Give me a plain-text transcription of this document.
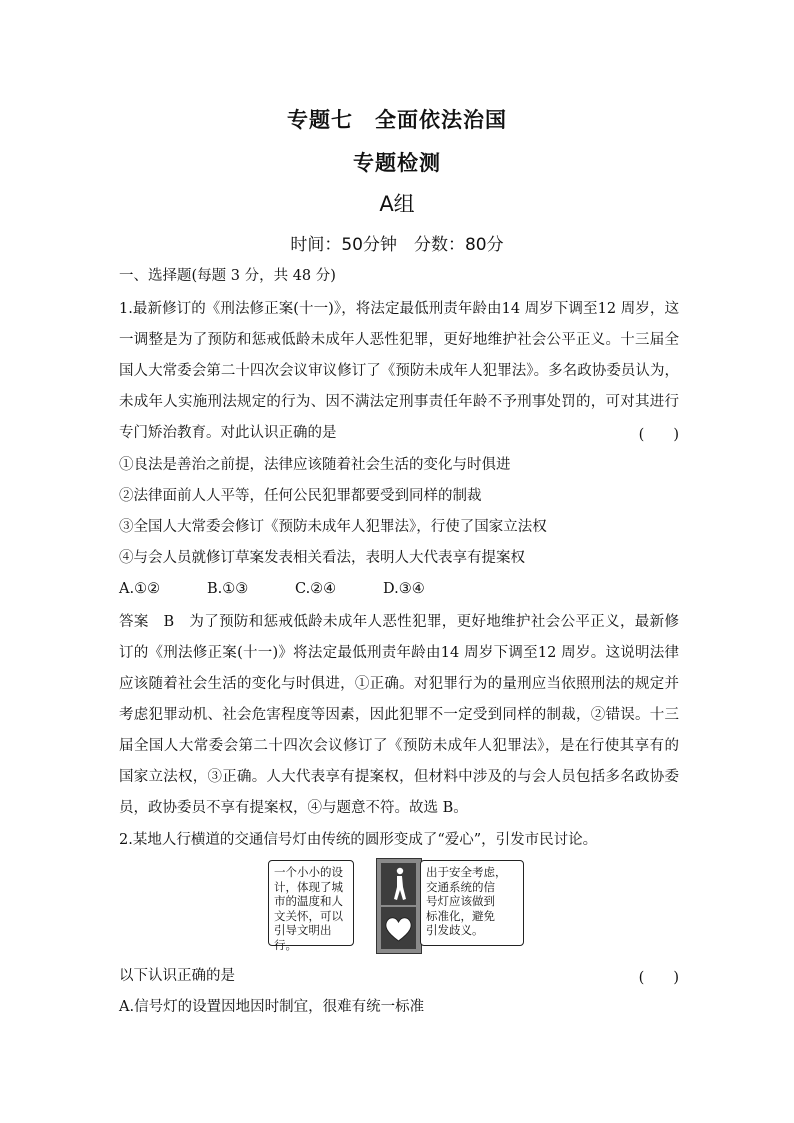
专题七　全面依法治国
专题检测
A组
时间：50分钟　分数：80分
一、选择题(每题 3 分，共 48 分)
1.最新修订的《刑法修正案(十一)》，将法定最低刑责年龄由14 周岁下调至12 周岁，这
一调整是为了预防和惩戒低龄未成年人恶性犯罪，更好地维护社会公平正义。十三届全
国人大常委会第二十四次会议审议修订了《预防未成年人犯罪法》。多名政协委员认为，
未成年人实施刑法规定的行为、因不满法定刑事责任年龄不予刑事处罚的，可对其进行
专门矫治教育。对此认识正确的是	(　　)
①良法是善治之前提，法律应该随着社会生活的变化与时俱进
②法律面前人人平等，任何公民犯罪都要受到同样的制裁
③全国人大常委会修订《预防未成年人犯罪法》，行使了国家立法权
④与会人员就修订草案发表相关看法，表明人大代表享有提案权
A.①②	B.①③	C.②④	D.③④
答案　B　为了预防和惩戒低龄未成年人恶性犯罪，更好地维护社会公平正义，最新修
订的《刑法修正案(十一)》将法定最低刑责年龄由14 周岁下调至12 周岁。这说明法律
应该随着社会生活的变化与时俱进，①正确。对犯罪行为的量刑应当依照刑法的规定并
考虑犯罪动机、社会危害程度等因素，因此犯罪不一定受到同样的制裁，②错误。十三
届全国人大常委会第二十四次会议修订了《预防未成年人犯罪法》，是在行使其享有的
国家立法权，③正确。人大代表享有提案权，但材料中涉及的与会人员包括多名政协委
员，政协委员不享有提案权，④与题意不符。故选 B。
2.某地人行横道的交通信号灯由传统的圆形变成了“爱心”，引发市民讨论。
一个小小的设
计，体现了城
市的温度和人
文关怀，可以
引导文明出行。
出于安全考虑，
交通系统的信
号灯应该做到
标准化，避免
引发歧义。
以下认识正确的是	(　　)
A.信号灯的设置因地因时制宜，很难有统一标准
